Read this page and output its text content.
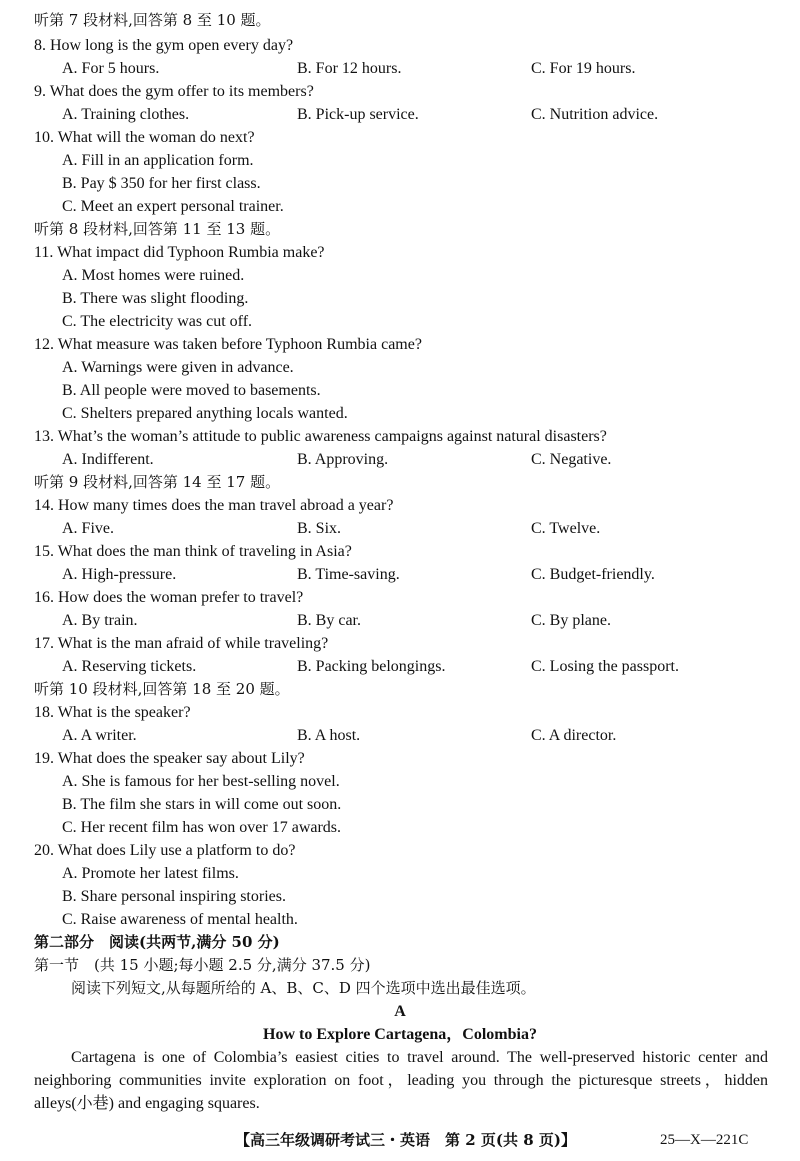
听第 7 段材料,回答第 8 至 10 题。
8. How long is the gym open every day?
A. For 5 hours.	B. For 12 hours.	C. For 19 hours.
9. What does the gym offer to its members?
A. Training clothes.	B. Pick-up service.	C. Nutrition advice.
10. What will the woman do next?
A. Fill in an application form.
B. Pay $ 350 for her first class.
C. Meet an expert personal trainer.
听第 8 段材料,回答第 11 至 13 题。
11. What impact did Typhoon Rumbia make?
A. Most homes were ruined.
B. There was slight flooding.
C. The electricity was cut off.
12. What measure was taken before Typhoon Rumbia came?
A. Warnings were given in advance.
B. All people were moved to basements.
C. Shelters prepared anything locals wanted.
13. What’s the woman’s attitude to public awareness campaigns against natural disasters?
A. Indifferent.	B. Approving.	C. Negative.
听第 9 段材料,回答第 14 至 17 题。
14. How many times does the man travel abroad a year?
A. Five.	B. Six.	C. Twelve.
15. What does the man think of traveling in Asia?
A. High-pressure.	B. Time-saving.	C. Budget-friendly.
16. How does the woman prefer to travel?
A. By train.	B. By car.	C. By plane.
17. What is the man afraid of while traveling?
A. Reserving tickets.	B. Packing belongings.	C. Losing the passport.
听第 10 段材料,回答第 18 至 20 题。
18. What is the speaker?
A. A writer.	B. A host.	C. A director.
19. What does the speaker say about Lily?
A. She is famous for her best-selling novel.
B. The film she stars in will come out soon.
C. Her recent film has won over 17 awards.
20. What does Lily use a platform to do?
A. Promote her latest films.
B. Share personal inspiring stories.
C. Raise awareness of mental health.
第二部分　阅读(共两节,满分 50 分)
第一节　(共 15 小题;每小题 2.5 分,满分 37.5 分)
阅读下列短文,从每题所给的 A、B、C、D 四个选项中选出最佳选项。
A
How to Explore Cartagena，Colombia?
Cartagena is one of Colombia’s easiest cities to travel around. The well-preserved historic center and neighboring communities invite exploration on foot，leading you through the picturesque streets，hidden alleys(小巷) and engaging squares.
【高三年级调研考试三・英语　第 2 页(共 8 页)】	25—X—221C
